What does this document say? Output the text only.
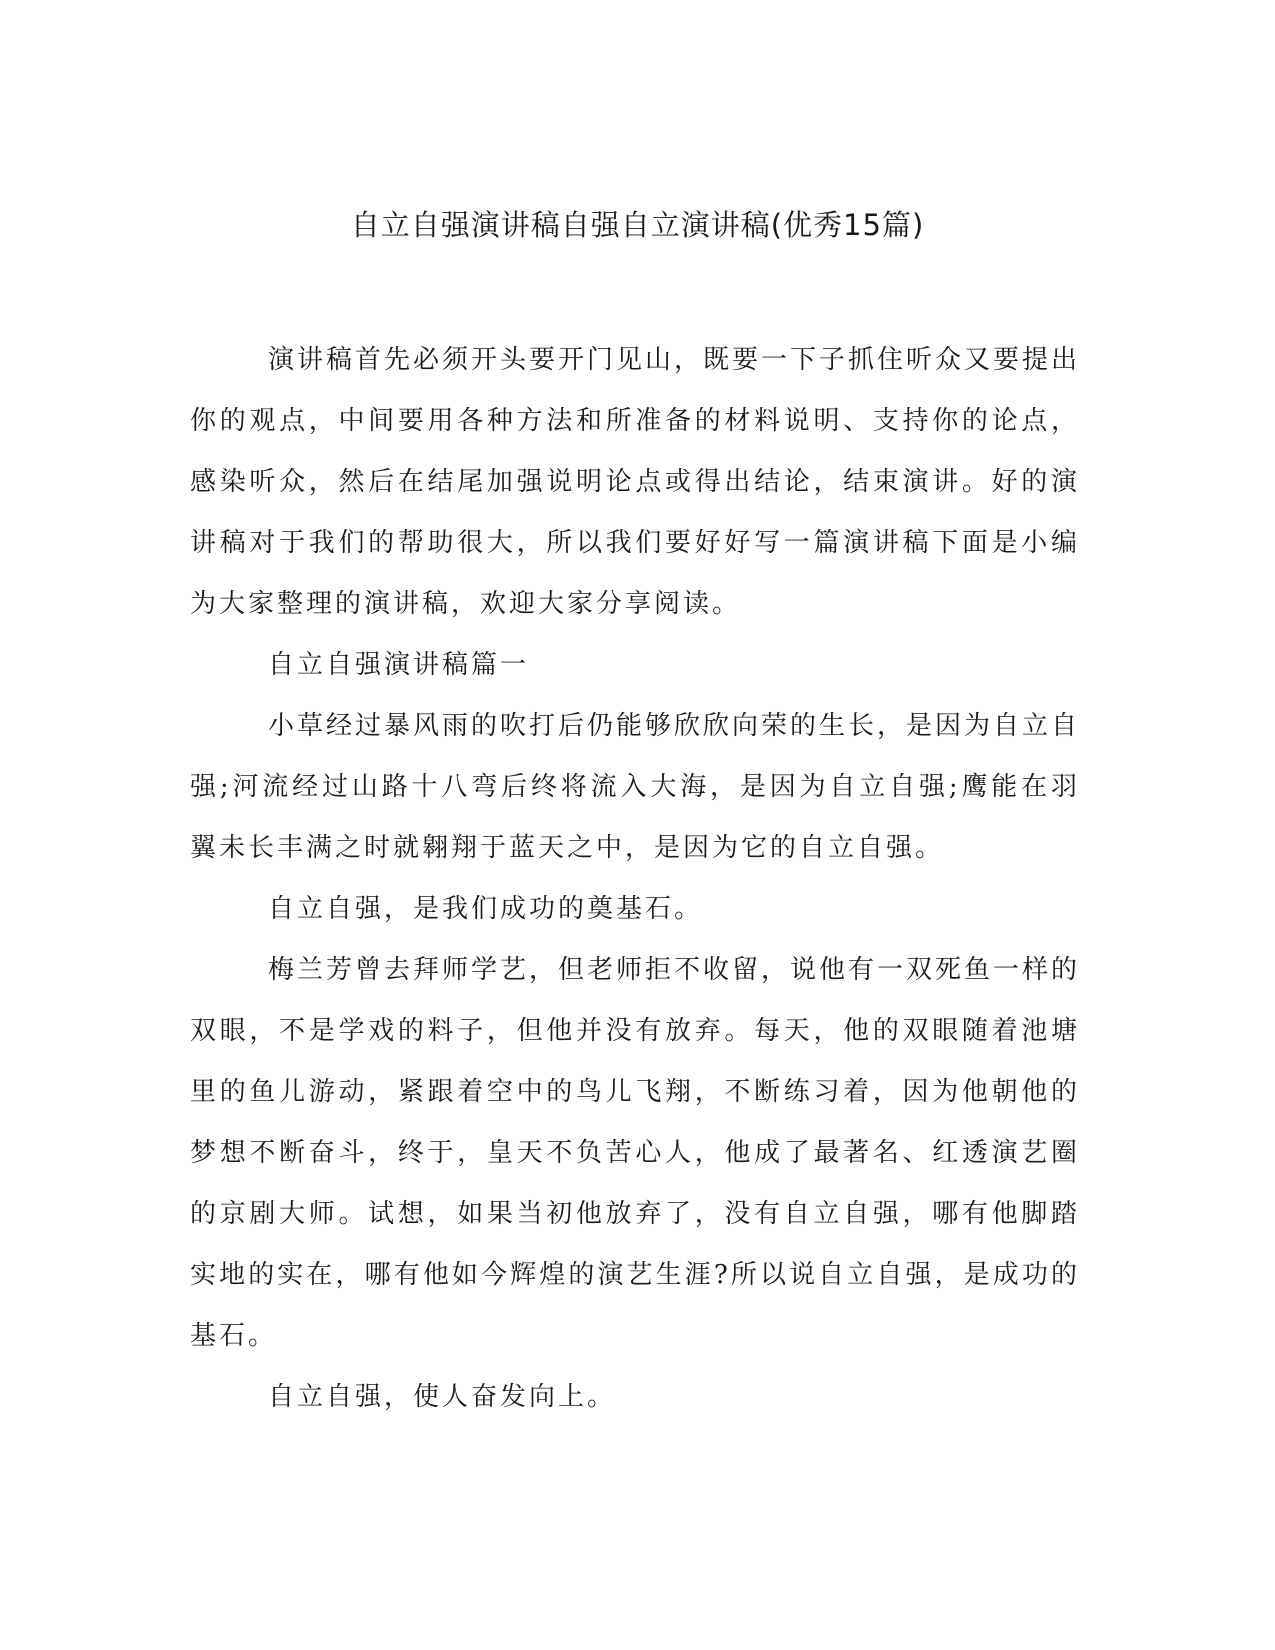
自立自强演讲稿自强自立演讲稿(优秀15篇)

演讲稿首先必须开头要开门见山，既要一下子抓住听众又要提出你的观点，中间要用各种方法和所准备的材料说明、支持你的论点，感染听众，然后在结尾加强说明论点或得出结论，结束演讲。好的演讲稿对于我们的帮助很大，所以我们要好好写一篇演讲稿下面是小编为大家整理的演讲稿，欢迎大家分享阅读。

自立自强演讲稿篇一

小草经过暴风雨的吹打后仍能够欣欣向荣的生长，是因为自立自强;河流经过山路十八弯后终将流入大海，是因为自立自强;鹰能在羽翼未长丰满之时就翱翔于蓝天之中，是因为它的自立自强。

自立自强，是我们成功的奠基石。

梅兰芳曾去拜师学艺，但老师拒不收留，说他有一双死鱼一样的双眼，不是学戏的料子，但他并没有放弃。每天，他的双眼随着池塘里的鱼儿游动，紧跟着空中的鸟儿飞翔，不断练习着，因为他朝他的梦想不断奋斗，终于，皇天不负苦心人，他成了最著名、红透演艺圈的京剧大师。试想，如果当初他放弃了，没有自立自强，哪有他脚踏实地的实在，哪有他如今辉煌的演艺生涯?所以说自立自强，是成功的基石。

自立自强，使人奋发向上。
